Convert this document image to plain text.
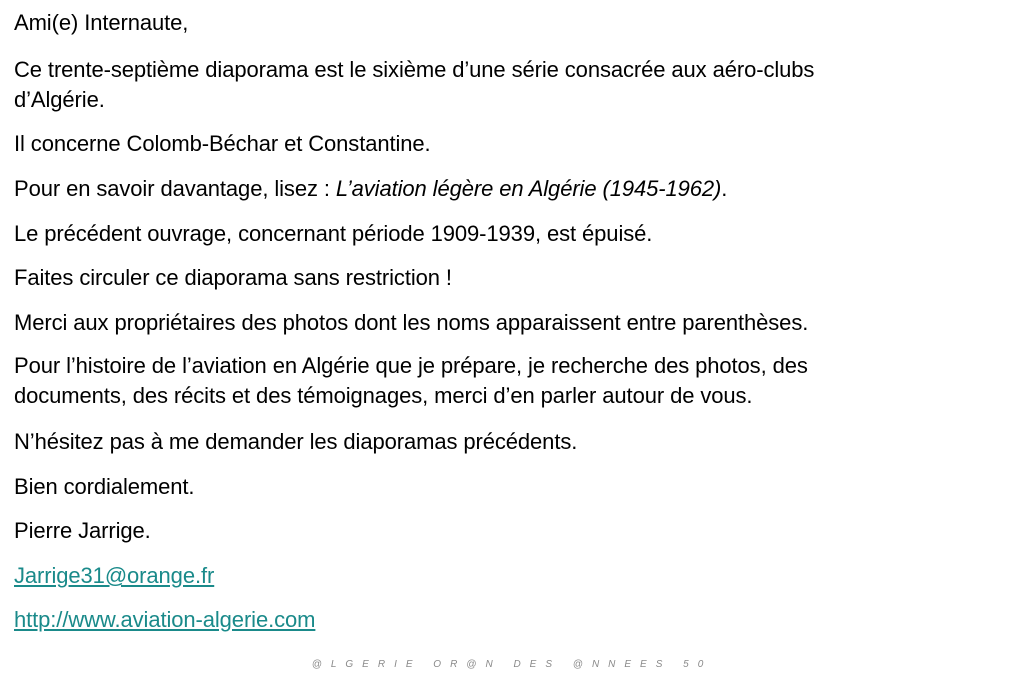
Ami(e) Internaute,

Ce trente-septième diaporama est le sixième d’une série consacrée aux aéro-clubs
d’Algérie.

Il concerne Colomb-Béchar et Constantine.

Pour en savoir davantage, lisez : L’aviation légère en Algérie (1945-1962).

Le précédent ouvrage, concernant période 1909-1939, est épuisé.

Faites circuler ce diaporama sans restriction !

Merci aux propriétaires des photos dont les noms apparaissent entre parenthèses.

Pour l’histoire de l’aviation en Algérie que je prépare, je recherche des photos, des
documents, des récits et des témoignages, merci d’en parler autour de vous.

N’hésitez pas à me demander les diaporamas précédents.

Bien cordialement.

Pierre Jarrige.

Jarrige31@orange.fr

http://www.aviation-algerie.com

@LGERIE OR@N DES @NNEES 50
